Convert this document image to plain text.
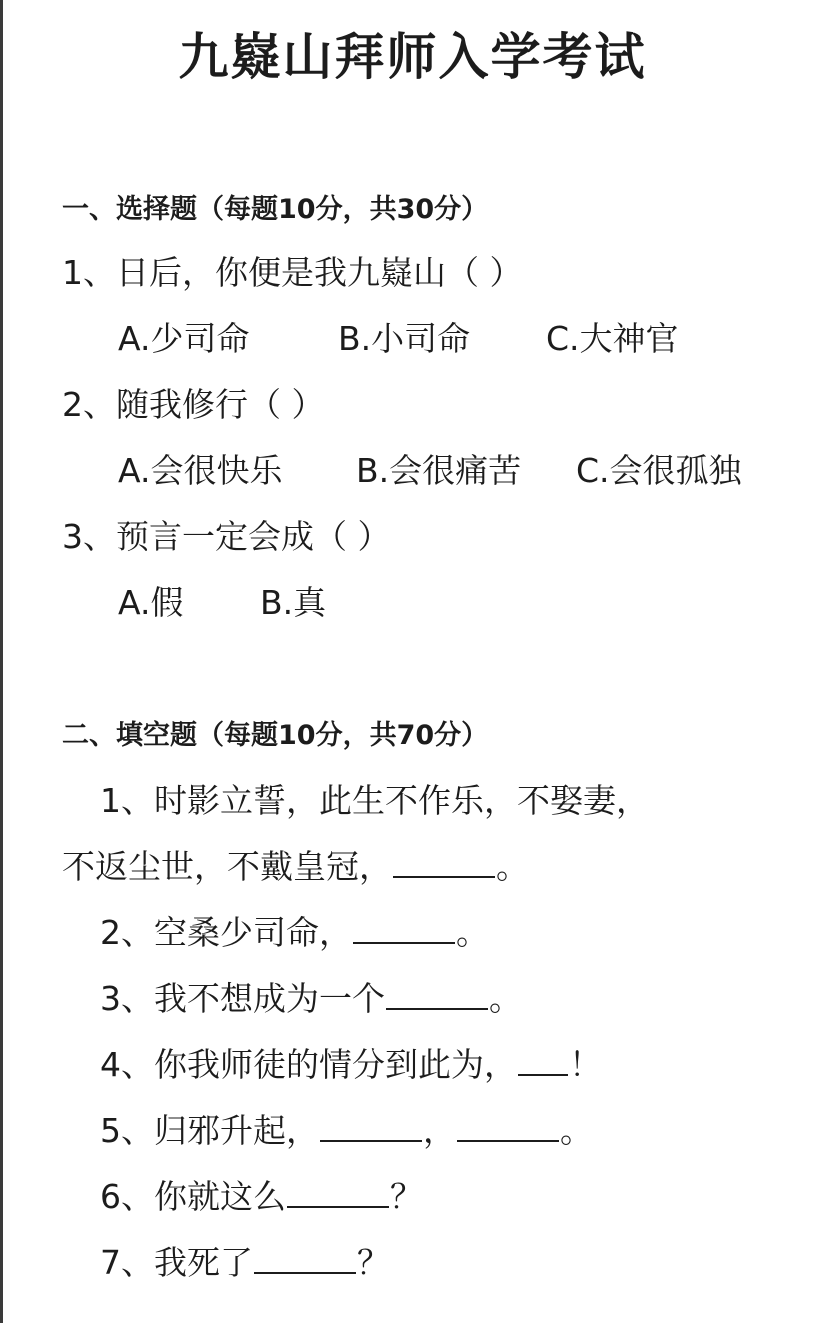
九嶷山拜师入学考试
一、选择题（每题10分，共30分）
1、日后，你便是我九嶷山（ ）
A.少司命	B.小司命 C.大神官
2、随我修行（ ）
A.会很快乐 B.会很痛苦 C.会很孤独
3、预言一定会成（ ）
A.假 B.真
二、填空题（每题10分，共70分）
1、时影立誓，此生不作乐，不娶妻，
不返尘世，不戴皇冠，	。
2、空桑少司命，	。
3、我不想成为一个	。
4、你我师徒的情分到此为， ！
5、归邪升起，	，	。
6、你就这么	？
7、我死了	？
